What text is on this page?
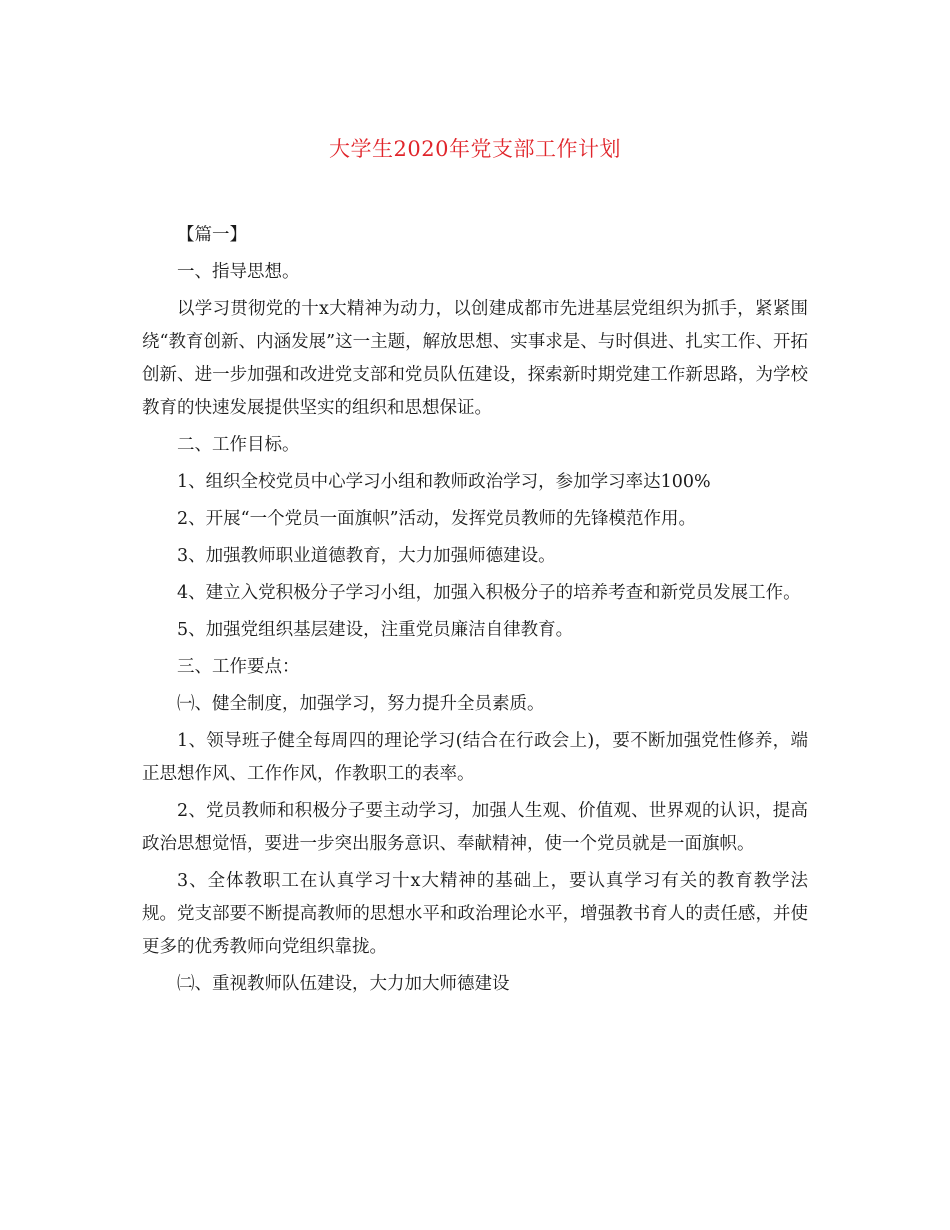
大学生2020年党支部工作计划

【篇一】

一、指导思想。

以学习贯彻党的十x大精神为动力，以创建成都市先进基层党组织为抓手，紧紧围绕“教育创新、内涵发展”这一主题，解放思想、实事求是、与时俱进、扎实工作、开拓创新、进一步加强和改进党支部和党员队伍建设，探索新时期党建工作新思路，为学校教育的快速发展提供坚实的组织和思想保证。

二、工作目标。

1、组织全校党员中心学习小组和教师政治学习，参加学习率达100%

2、开展“一个党员一面旗帜”活动，发挥党员教师的先锋模范作用。

3、加强教师职业道德教育，大力加强师德建设。

4、建立入党积极分子学习小组，加强入积极分子的培养考查和新党员发展工作。

5、加强党组织基层建设，注重党员廉洁自律教育。

三、工作要点：

㈠、健全制度，加强学习，努力提升全员素质。

1、领导班子健全每周四的理论学习(结合在行政会上)，要不断加强党性修养，端正思想作风、工作作风，作教职工的表率。

2、党员教师和积极分子要主动学习，加强人生观、价值观、世界观的认识，提高政治思想觉悟，要进一步突出服务意识、奉献精神，使一个党员就是一面旗帜。

3、全体教职工在认真学习十x大精神的基础上，要认真学习有关的教育教学法规。党支部要不断提高教师的思想水平和政治理论水平，增强教书育人的责任感，并使更多的优秀教师向党组织靠拢。

㈡、重视教师队伍建设，大力加大师德建设
